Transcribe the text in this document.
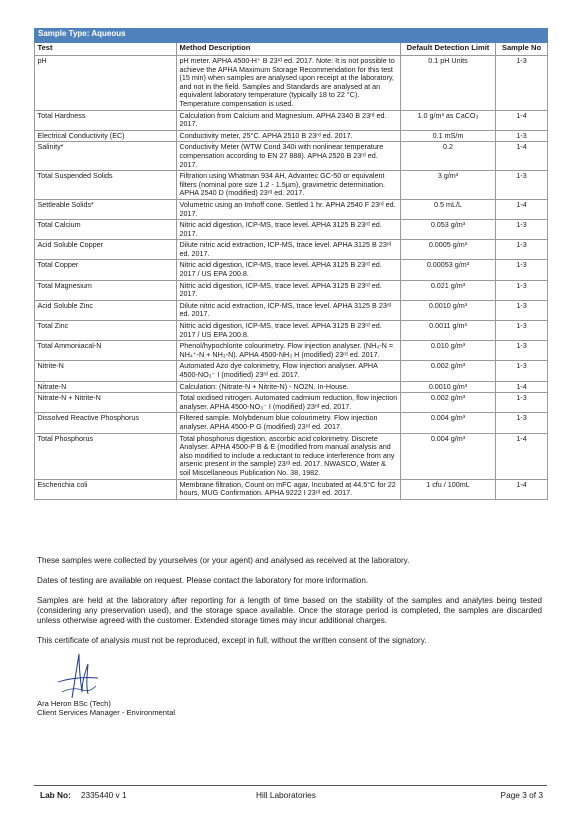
Sample Type: Aqueous			
Test	Method Description	Default Detection Limit	Sample No
pH	pH meter. APHA 4500-H⁺ B 23ʳᵈ ed. 2017. Note: It is not possible to achieve the APHA Maximum Storage Recommendation for this test (15 min) when samples are analysed upon receipt at the laboratory, and not in the field. Samples and Standards are analysed at an equivalent laboratory temperature (typically 18 to 22 °C). Temperature compensation is used.	0.1 pH Units	1-3
Total Hardness	Calculation from Calcium and Magnesium. APHA 2340 B 23ʳᵈ ed. 2017.	1.0 g/m³ as CaCO₃	1-4
Electrical Conductivity (EC)	Conductivity meter, 25°C. APHA 2510 B 23ʳᵈ ed. 2017.	0.1 mS/m	1-3
Salinity*	Conductivity Meter (WTW Cond 340i with nonlinear temperature compensation according to EN 27 888). APHA 2520 B 23ʳᵈ ed. 2017.	0.2	1-4
Total Suspended Solids	Filtration using Whatman 934 AH, Advantec GC-50 or equivalent filters (nominal pore size 1.2 - 1.5µm), gravimetric determination. APHA 2540 D (modified) 23ʳᵈ ed. 2017.	3 g/m³	1-3
Settleable Solids*	Volumetric using an Imhoff cone. Settled 1 hr. APHA 2540 F 23ʳᵈ ed. 2017.	0.5 mL/L	1-4
Total Calcium	Nitric acid digestion, ICP-MS, trace level. APHA 3125 B 23ʳᵈ ed. 2017.	0.053 g/m³	1-3
Acid Soluble Copper	Dilute nitric acid extraction, ICP-MS, trace level. APHA 3125 B 23ʳᵈ ed. 2017.	0.0005 g/m³	1-3
Total Copper	Nitric acid digestion, ICP-MS, trace level. APHA 3125 B 23ʳᵈ ed. 2017 / US EPA 200.8.	0.00053 g/m³	1-3
Total Magnesium	Nitric acid digestion, ICP-MS, trace level. APHA 3125 B 23ʳᵈ ed. 2017.	0.021 g/m³	1-3
Acid Soluble Zinc	Dilute nitric acid extraction, ICP-MS, trace level. APHA 3125 B 23ʳᵈ ed. 2017.	0.0010 g/m³	1-3
Total Zinc	Nitric acid digestion, ICP-MS, trace level. APHA 3125 B 23ʳᵈ ed. 2017 / US EPA 200.8.	0.0011 g/m³	1-3
Total Ammoniacal-N	Phenol/hypochlorite colourimetry. Flow injection analyser. (NH₄-N = NH₄⁺-N + NH₃-N). APHA 4500-NH₃ H (modified) 23ʳᵈ ed. 2017.	0.010 g/m³	1-3
Nitrite-N	Automated Azo dye colorimetry, Flow injection analyser. APHA 4500-NO₃⁻ I (modified) 23ʳᵈ ed. 2017.	0.002 g/m³	1-3
Nitrate-N	Calculation: (Nitrate-N + Nitrite-N) - NO2N. In-House.	0.0010 g/m³	1-4
Nitrate-N + Nitrite-N	Total oxidised nitrogen. Automated cadmium reduction, flow injection analyser. APHA 4500-NO₃⁻ I (modified) 23ʳᵈ ed. 2017.	0.002 g/m³	1-3
Dissolved Reactive Phosphorus	Filtered sample. Molybdenum blue colourimetry. Flow injection analyser. APHA 4500-P G (modified) 23ʳᵈ ed. 2017.	0.004 g/m³	1-3
Total Phosphorus	Total phosphorus digestion, ascorbic acid colorimetry. Discrete Analyser. APHA 4500-P B & E (modified from manual analysis and also modified to include a reductant to reduce interference from any arsenic present in the sample) 23ʳᵈ ed. 2017. NWASCO, Water & soil Miscellaneous Publication No. 38, 1982.	0.004 g/m³	1-4
Escherichia coli	Membrane filtration, Count on mFC agar, Incubated at 44.5°C for 22 hours, MUG Confirmation. APHA 9222 I 23ʳᵈ ed. 2017.	1 cfu / 100mL	1-4

These samples were collected by yourselves (or your agent) and analysed as received at the laboratory.

Dates of testing are available on request. Please contact the laboratory for more information.

Samples are held at the laboratory after reporting for a length of time based on the stability of the samples and analytes being tested (considering any preservation used), and the storage space available. Once the storage period is completed, the samples are discarded unless otherwise agreed with the customer. Extended storage times may incur additional charges.

This certificate of analysis must not be reproduced, except in full, without the written consent of the signatory.

Ara Heron BSc (Tech)
Client Services Manager - Environmental
Lab No: 2335440 v 1	Hill Laboratories	Page 3 of 3
